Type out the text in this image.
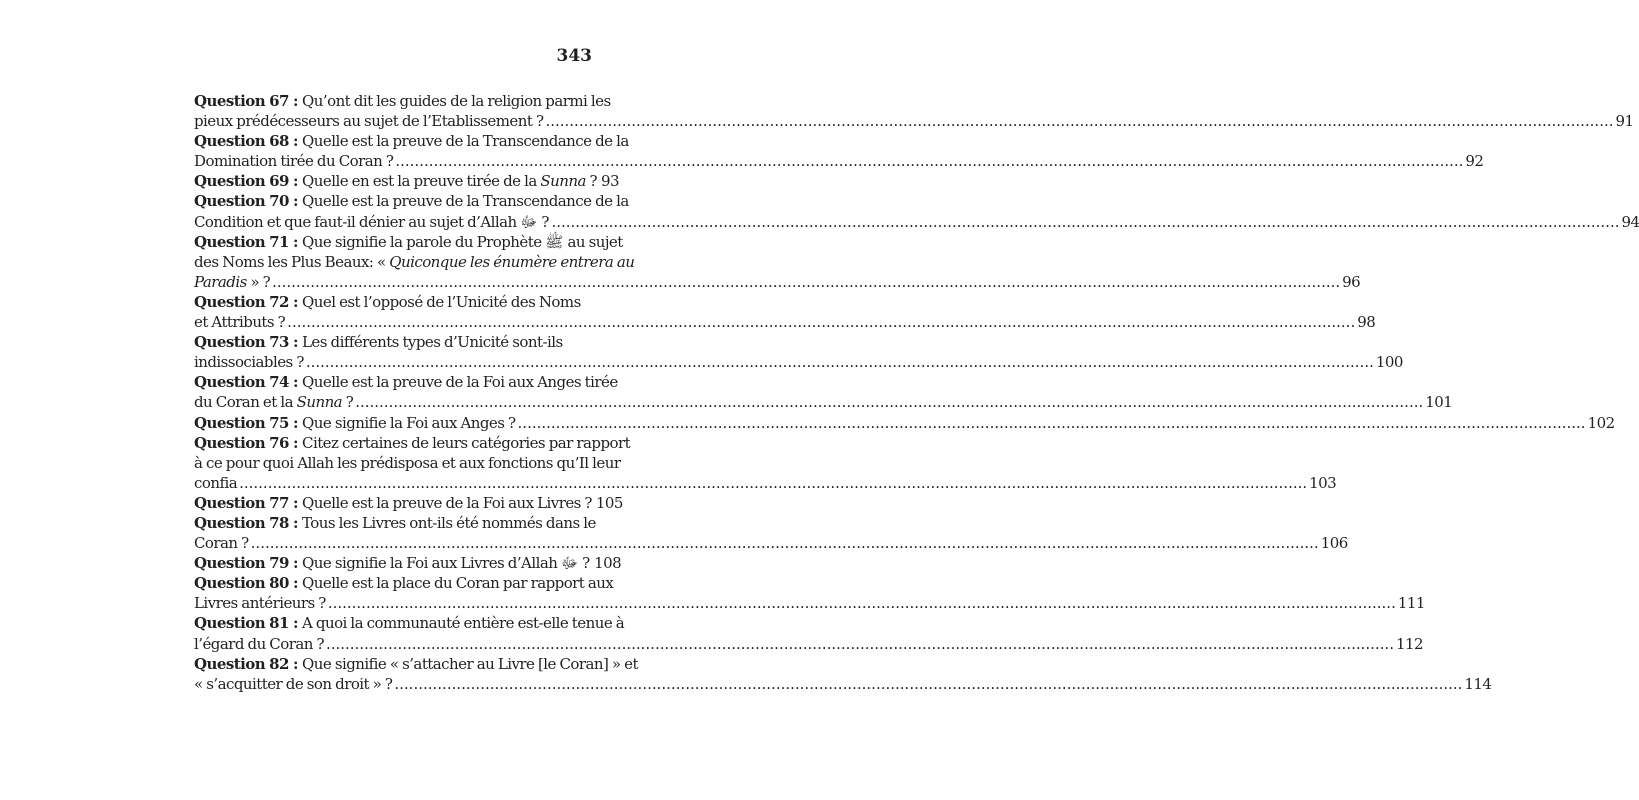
343
Question 67 : Qu’ont dit les guides de la religion parmi les
pieux prédécesseurs au sujet de l’Etablissement ? .....	91
Question 68 : Quelle est la preuve de la Transcendance de la
Domination tirée du Coran ? .....	92
Question 69 : Quelle en est la preuve tirée de la Sunna ? 93
Question 70 : Quelle est la preuve de la Transcendance de la
Condition et que faut-il dénier au sujet d’Allah ﷻ ? .....	94
Question 71 : Que signifie la parole du Prophète ﷺ au sujet
des Noms les Plus Beaux: « Quiconque les énumère entrera au
Paradis » ? .....	96
Question 72 : Quel est l’opposé de l’Unicité des Noms
et Attributs ? .....	98
Question 73 : Les différents types d’Unicité sont-ils
indissociables ? .....	100
Question 74 : Quelle est la preuve de la Foi aux Anges tirée
du Coran et la Sunna ? .....	101
Question 75 : Que signifie la Foi aux Anges ? .....	102
Question 76 : Citez certaines de leurs catégories par rapport
à ce pour quoi Allah les prédisposa et aux fonctions qu’Il leur
confia .....	103
Question 77 : Quelle est la preuve de la Foi aux Livres ? 105
Question 78 : Tous les Livres ont-ils été nommés dans le
Coran ? .....	106
Question 79 : Que signifie la Foi aux Livres d’Allah ﷻ ? 108
Question 80 : Quelle est la place du Coran par rapport aux
Livres antérieurs ? .....	111
Question 81 : A quoi la communauté entière est-elle tenue à
l’égard du Coran ? .....	112
Question 82 : Que signifie « s’attacher au Livre [le Coran] » et
« s’acquitter de son droit » ? .....	114
